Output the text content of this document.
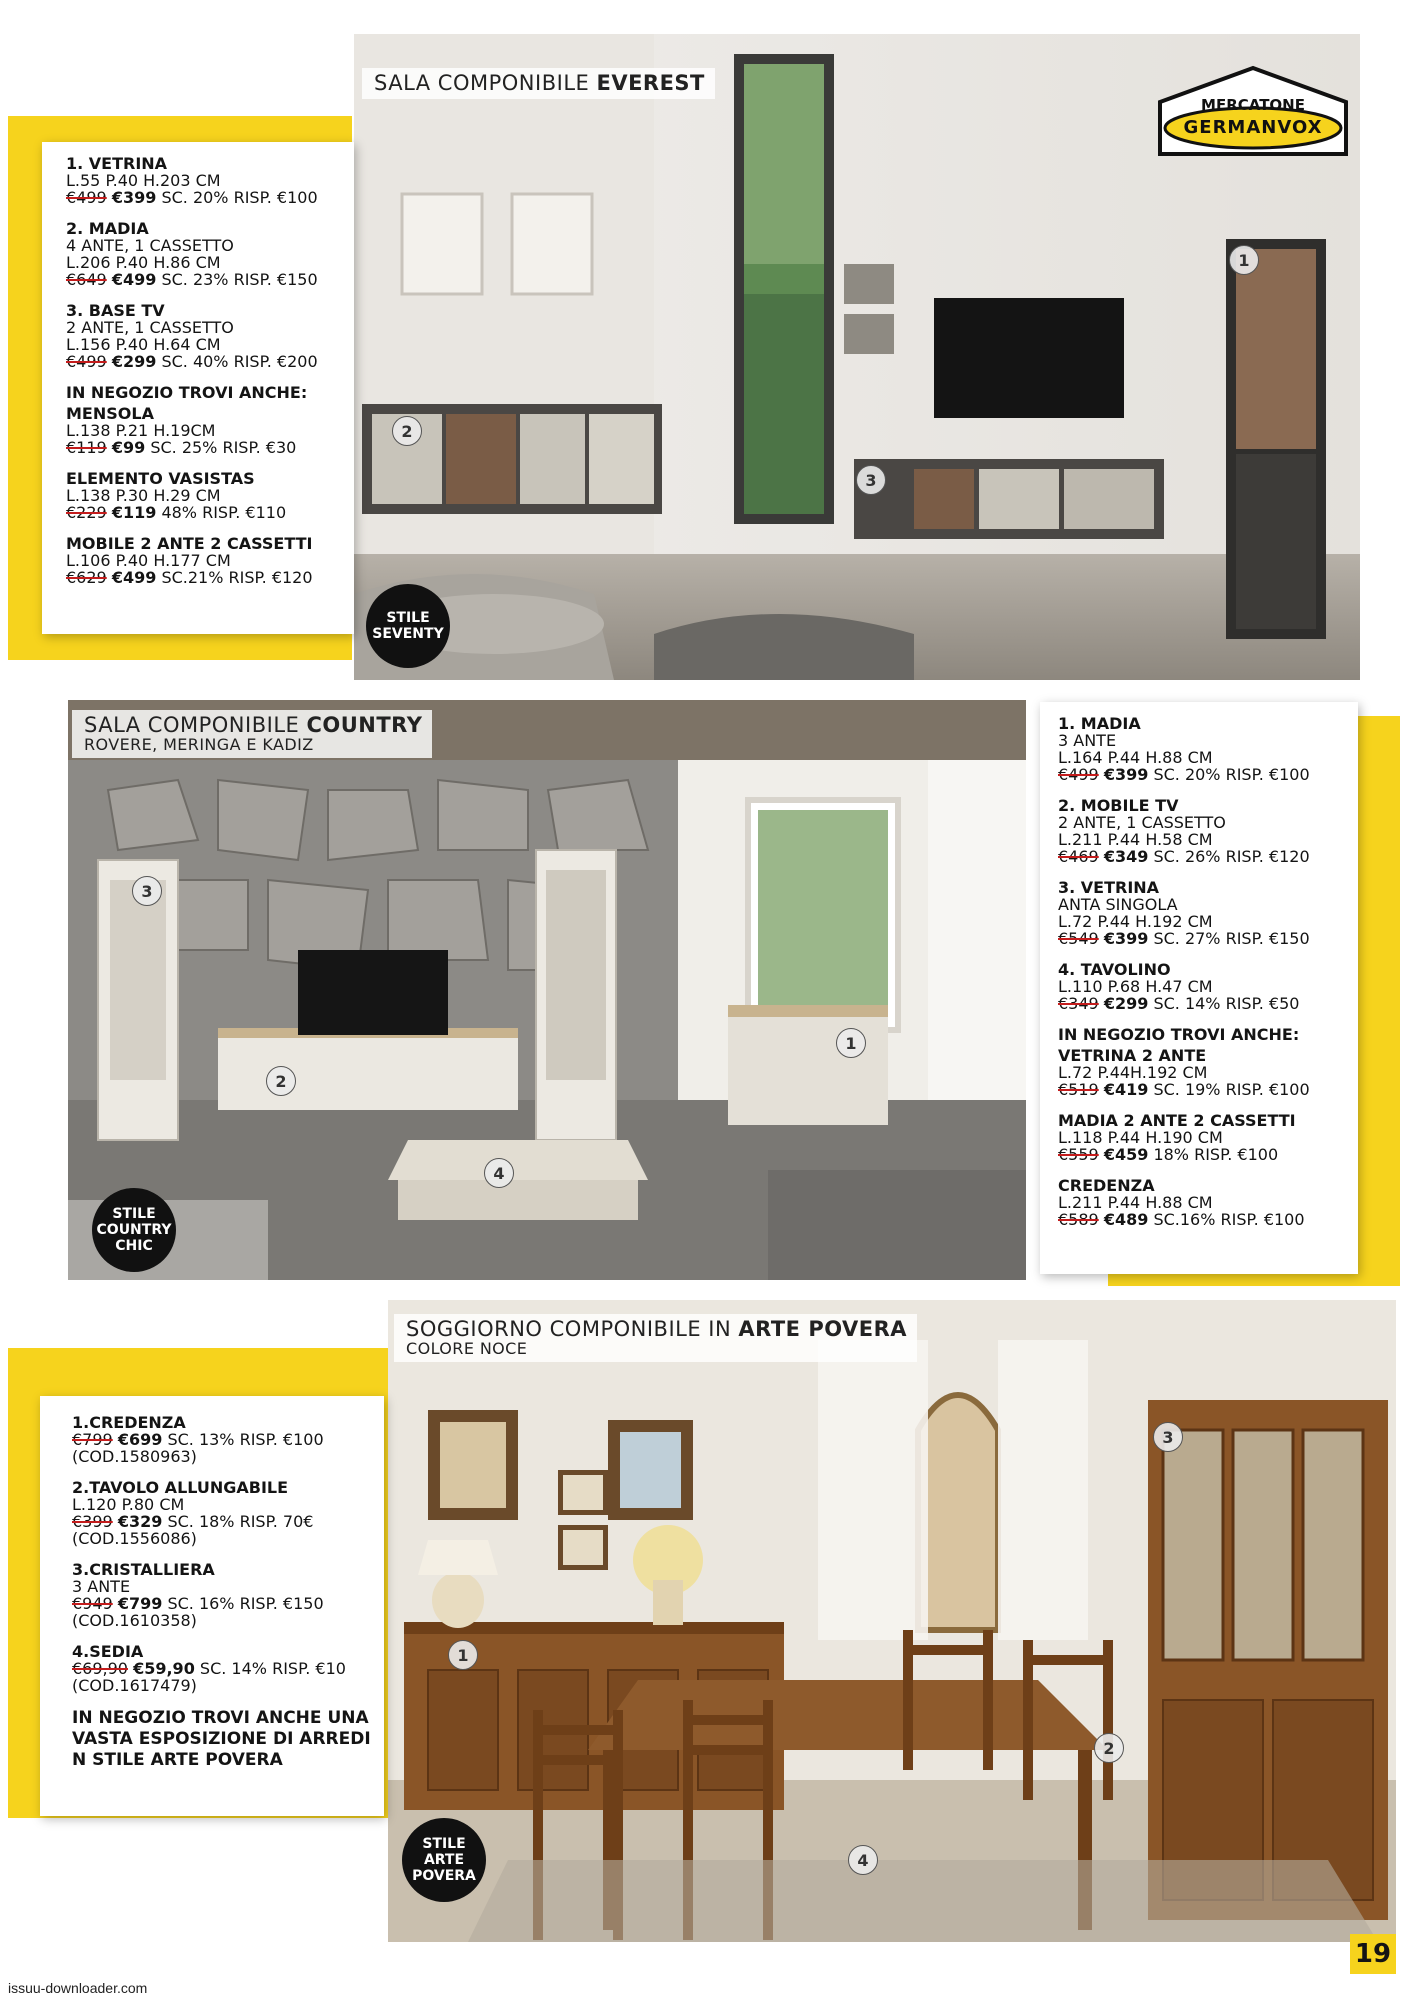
SALA COMPONIBILE EVEREST
MERCATONE
GERMANVOX
1
2
3
STILE
SEVENTY
1. VETRINA
L.55 P.40 H.203 CM
€499 €399 SC. 20% RISP. €100
2. MADIA
4 ANTE, 1 CASSETTO
L.206 P.40 H.86 CM
€649 €499 SC. 23% RISP. €150
3. BASE TV
2 ANTE, 1 CASSETTO
L.156 P.40 H.64 CM
€499 €299 SC. 40% RISP. €200
IN NEGOZIO TROVI ANCHE:
MENSOLA
L.138 P.21 H.19CM
€119 €99 SC. 25% RISP. €30
ELEMENTO VASISTAS
L.138 P.30 H.29 CM
€229 €119 48% RISP. €110
MOBILE 2 ANTE 2 CASSETTI
L.106 P.40 H.177 CM
€629 €499 SC.21% RISP. €120
SALA COMPONIBILE COUNTRY
ROVERE, MERINGA E KADIZ
1
2
3
4
STILE
COUNTRY
CHIC
1. MADIA
3 ANTE
L.164 P.44 H.88 CM
€499 €399 SC. 20% RISP. €100
2. MOBILE TV
2 ANTE, 1 CASSETTO
L.211 P.44 H.58 CM
€469 €349 SC. 26% RISP. €120
3. VETRINA
ANTA SINGOLA
L.72 P.44 H.192 CM
€549 €399 SC. 27% RISP. €150
4. TAVOLINO
L.110 P.68 H.47 CM
€349 €299 SC. 14% RISP. €50
IN NEGOZIO TROVI ANCHE:
VETRINA 2 ANTE
L.72 P.44H.192 CM
€519 €419 SC. 19% RISP. €100
MADIA 2 ANTE 2 CASSETTI
L.118 P.44 H.190 CM
€559 €459 18% RISP. €100
CREDENZA
L.211 P.44 H.88 CM
€589 €489 SC.16% RISP. €100
SOGGIORNO COMPONIBILE IN ARTE POVERA
COLORE NOCE
1
2
3
4
STILE
ARTE
POVERA
1.CREDENZA
€799 €699 SC. 13% RISP. €100
(COD.1580963)
2.TAVOLO ALLUNGABILE
L.120 P.80 CM
€399 €329 SC. 18% RISP. 70€
(COD.1556086)
3.CRISTALLIERA
3 ANTE
€949 €799 SC. 16% RISP. €150
(COD.1610358)
4.SEDIA
€69,90 €59,90 SC. 14% RISP. €10
(COD.1617479)
IN NEGOZIO TROVI ANCHE UNA
VASTA ESPOSIZIONE DI ARREDI
N STILE ARTE POVERA
19
issuu-downloader.com
